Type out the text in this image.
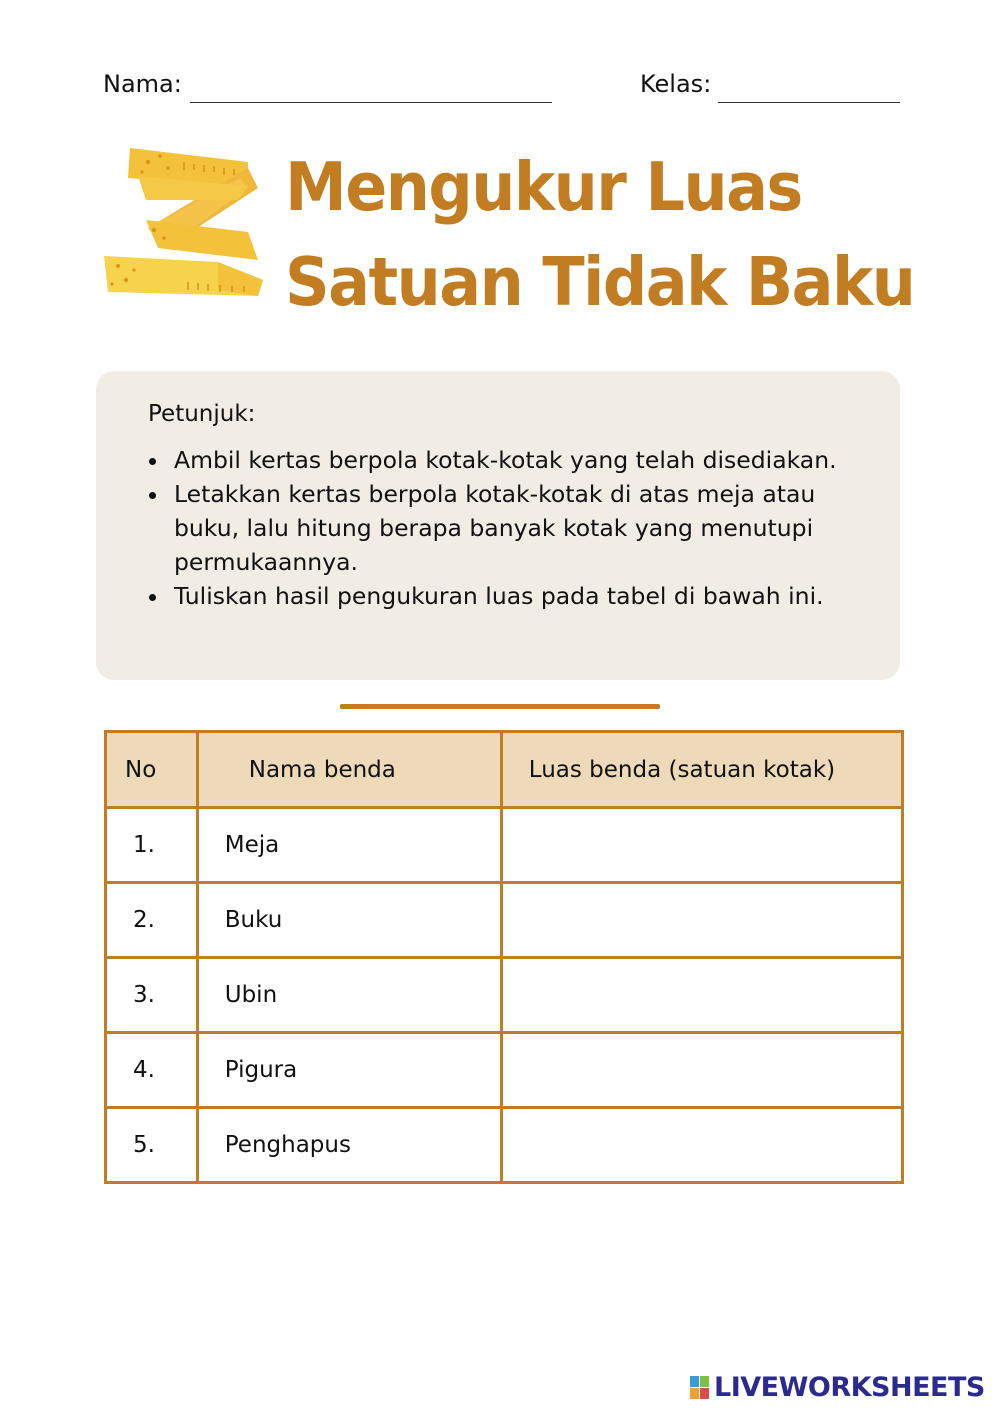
Nama:	Kelas:
Mengukur Luas
Satuan Tidak Baku

Petunjuk:

• Ambil kertas berpola kotak-kotak yang telah disediakan.
• Letakkan kertas berpola kotak-kotak di atas meja atau buku, lalu hitung berapa banyak kotak yang menutupi permukaannya.
• Tuliskan hasil pengukuran luas pada tabel di bawah ini.
No	Nama benda	Luas benda (satuan kotak)
1.	Meja	
2.	Buku	
3.	Ubin	
4.	Pigura	
5.	Penghapus	
LIVEWORKSHEETS
